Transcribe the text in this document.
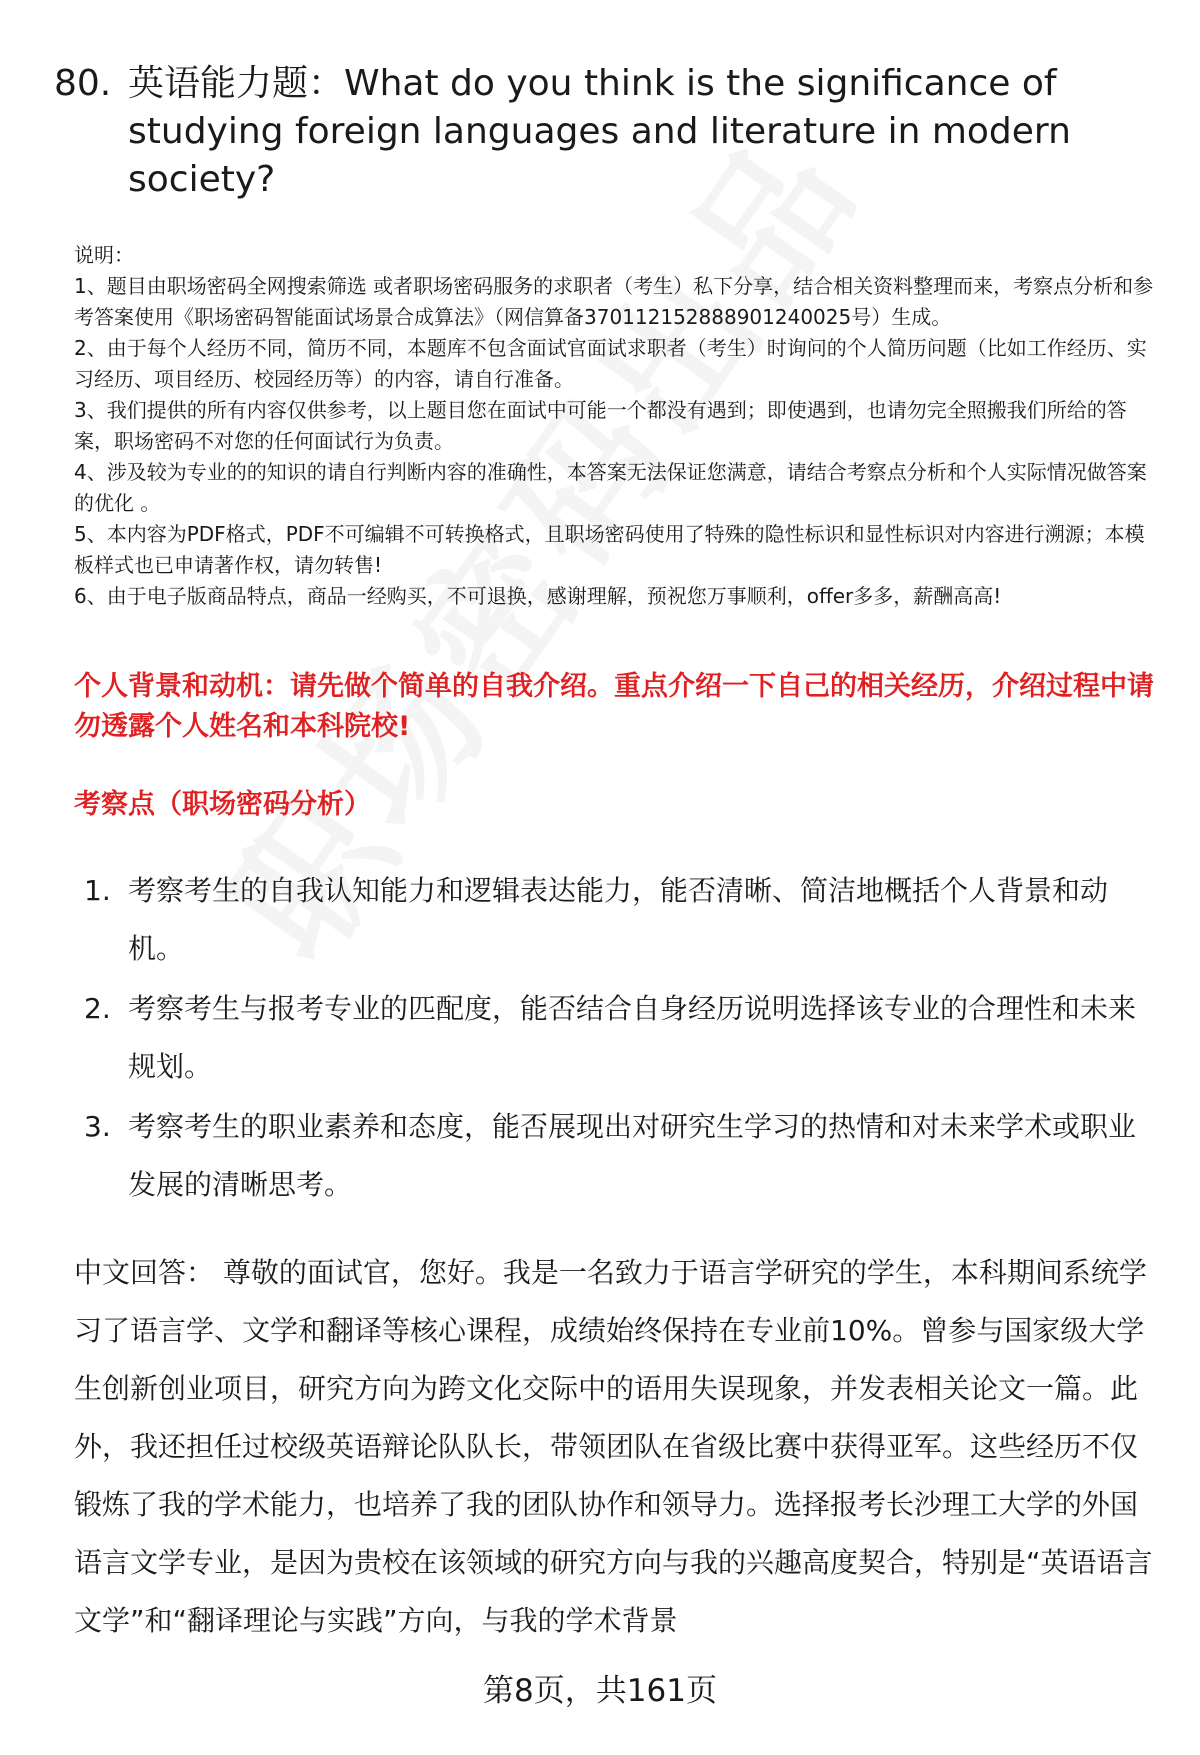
80. 英语能力题：What do you think is the significance of studying foreign languages and literature in modern society?

说明：

1、题目由职场密码全网搜索筛选 或者职场密码服务的求职者（考生）私下分享，结合相关资料整理而来，考察点分析和参考答案使用《职场密码智能面试场景合成算法》（网信算备370112152888901240025号）生成。

2、由于每个人经历不同，简历不同，本题库不包含面试官面试求职者（考生）时询问的个人简历问题（比如工作经历、实习经历、项目经历、校园经历等）的内容，请自行准备。

3、我们提供的所有内容仅供参考，以上题目您在面试中可能一个都没有遇到；即使遇到，也请勿完全照搬我们所给的答案，职场密码不对您的任何面试行为负责。

4、涉及较为专业的的知识的请自行判断内容的准确性，本答案无法保证您满意，请结合考察点分析和个人实际情况做答案的优化 。

5、本内容为PDF格式，PDF不可编辑不可转换格式，且职场密码使用了特殊的隐性标识和显性标识对内容进行溯源；本模板样式也已申请著作权，请勿转售!

6、由于电子版商品特点，商品一经购买，不可退换，感谢理解，预祝您万事顺利，offer多多，薪酬高高!

个人背景和动机：请先做个简单的自我介绍。重点介绍一下自己的相关经历，介绍过程中请勿透露个人姓名和本科院校!
考察点（职场密码分析）
1. 考察考生的自我认知能力和逻辑表达能力，能否清晰、简洁地概括个人背景和动机。
2. 考察考生与报考专业的匹配度，能否结合自身经历说明选择该专业的合理性和未来规划。
3. 考察考生的职业素养和态度，能否展现出对研究生学习的热情和对未来学术或职业发展的清晰思考。

中文回答： 尊敬的面试官，您好。我是一名致力于语言学研究的学生，本科期间系统学习了语言学、文学和翻译等核心课程，成绩始终保持在专业前10%。曾参与国家级大学生创新创业项目，研究方向为跨文化交际中的语用失误现象，并发表相关论文一篇。此外，我还担任过校级英语辩论队队长，带领团队在省级比赛中获得亚军。这些经历不仅锻炼了我的学术能力，也培养了我的团队协作和领导力。选择报考长沙理工大学的外国语言文学专业，是因为贵校在该领域的研究方向与我的兴趣高度契合，特别是“英语语言文学”和“翻译理论与实践”方向，与我的学术背景

第8页，共161页
